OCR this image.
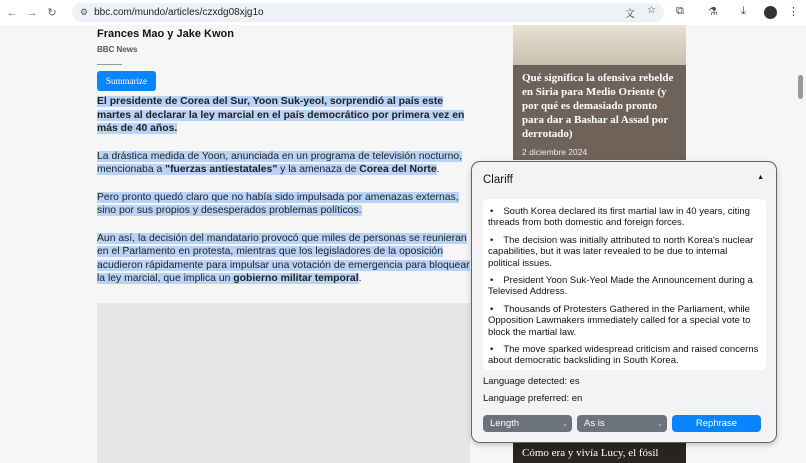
← → ↻	⚙ bbc.com/mundo/articles/czxdg08xjg1o	文 ☆ ⧉ ⚗ ⤓	⋮
Frances Mao y Jake Kwon
BBC News
Summarize

El presidente de Corea del Sur, Yoon Suk-yeol, sorprendió al país este martes al declarar la ley marcial en el país democrático por primera vez en más de 40 años.

La drástica medida de Yoon, anunciada en un programa de televisión nocturno, mencionaba a "fuerzas antiestatales" y la amenaza de Corea del Norte.

Pero pronto quedó claro que no había sido impulsada por amenazas externas, sino por sus propios y desesperados problemas políticos.

Aun así, la decisión del mandatario provocó que miles de personas se reunieran en el Parlamento en protesta, mientras que los legisladores de la oposición acudieron rápidamente para impulsar una votación de emergencia para bloquear la ley marcial, que implica un gobierno militar temporal.

Qué significa la ofensiva rebelde en Siria para Medio Oriente (y por qué es demasiado pronto para dar a Bashar al Assad por derrotado)
2 diciembre 2024
Cómo era y vivía Lucy, el fósil
Clariff	▲
• South Korea declared its first martial law in 40 years, citing threads from both domestic and foreign forces.
• The decision was initially attributed to north Korea's nuclear capabilities, but it was later revealed to be due to internal political issues.
• President Yoon Suk-Yeol Made the Announcement during a Televised Address.
• Thousands of Protesters Gathered in the Parliament, while Opposition Lawmakers immediately called for a special vote to block the martial law.
• The move sparked widespread criticism and raised concerns about democratic backsliding in South Korea.
Language detected: es
Language preferred: en
Length	⌄ As is	⌄	Rephrase
